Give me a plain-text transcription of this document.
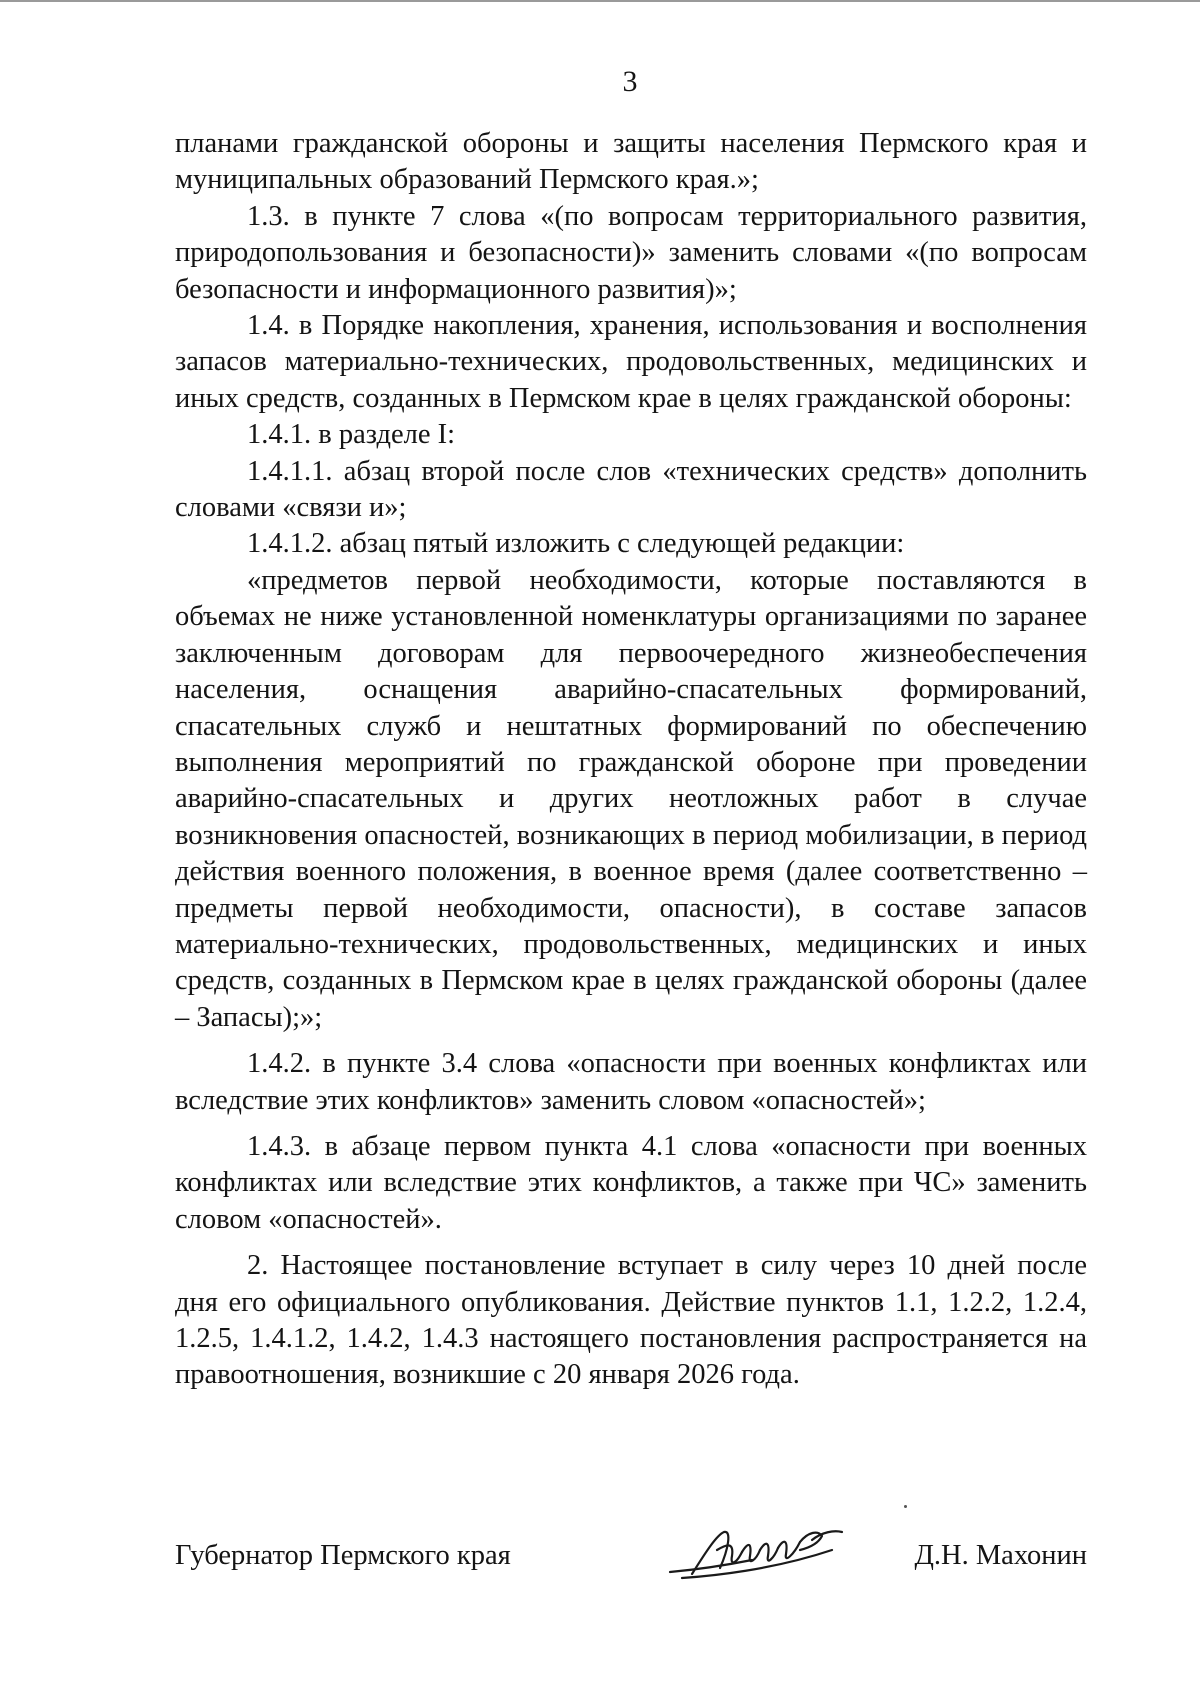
3

планами гражданской обороны и защиты населения Пермского края и муниципальных образований Пермского края.»;

1.3. в пункте 7 слова «(по вопросам территориального развития, природопользования и безопасности)» заменить словами «(по вопросам безопасности и информационного развития)»;

1.4. в Порядке накопления, хранения, использования и восполнения запасов материально-технических, продовольственных, медицинских и иных средств, созданных в Пермском крае в целях гражданской обороны:

1.4.1. в разделе I:

1.4.1.1. абзац второй после слов «технических средств» дополнить словами «связи и»;

1.4.1.2. абзац пятый изложить с следующей редакции:

«предметов первой необходимости, которые поставляются в объемах не ниже установленной номенклатуры организациями по заранее заключенным договорам для первоочередного жизнеобеспечения населения, оснащения аварийно-спасательных формирований, спасательных служб и нештатных формирований по обеспечению выполнения мероприятий по гражданской обороне при проведении аварийно-спасательных и других неотложных работ в случае возникновения опасностей, возникающих в период мобилизации, в период действия военного положения, в военное время (далее соответственно – предметы первой необходимости, опасности), в составе запасов материально-технических, продовольственных, медицинских и иных средств, созданных в Пермском крае в целях гражданской обороны (далее – Запасы);»;

1.4.2. в пункте 3.4 слова «опасности при военных конфликтах или вследствие этих конфликтов» заменить словом «опасностей»;

1.4.3. в абзаце первом пункта 4.1 слова «опасности при военных конфликтах или вследствие этих конфликтов, а также при ЧС» заменить словом «опасностей».

2. Настоящее постановление вступает в силу через 10 дней после дня его официального опубликования. Действие пунктов 1.1, 1.2.2, 1.2.4, 1.2.5, 1.4.1.2, 1.4.2, 1.4.3 настоящего постановления распространяется на правоотношения, возникшие с 20 января 2026 года.

Губернатор Пермского края	Д.Н. Махонин
